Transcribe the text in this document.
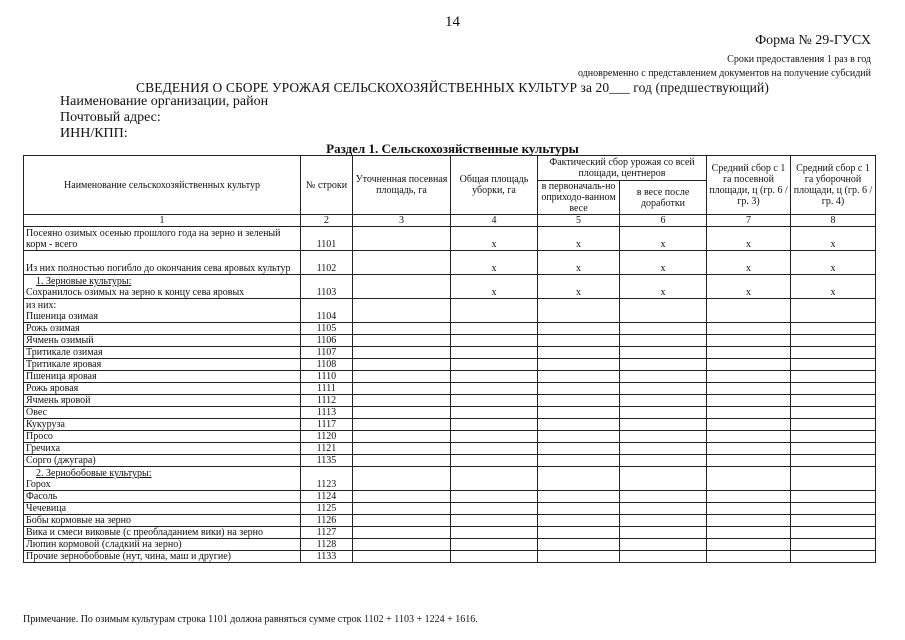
14
Форма № 29-ГУСХ
Сроки предоставления 1 раз в год
одновременно с представлением документов на получение субсидий
СВЕДЕНИЯ О СБОРЕ УРОЖАЯ СЕЛЬСКОХОЗЯЙСТВЕННЫХ КУЛЬТУР за 20___ год (предшествующий)
Наименование организации, район
Почтовый адрес:
ИНН/КПП:
Раздел 1. Сельскохозяйственные культуры
Наименование сельскохозяйственных культур	№ строки	Уточненная посевная площадь, га	Общая площадь уборки, га	Фактический сбор урожая со всей площади, центнеров		Средний сбор с 1 га посевной площади, ц (гр. 6 / гр. 3)	Средний сбор с 1 га уборочной площади, ц (гр. 6 / гр. 4)
				в первоначаль-но оприходо-ванном весе	в весе после доработки		
1	2	3	4	5	6	7	8

Посеяно озимых осенью прошлого года на зерно и зеленый корм - всего	1101		x	x	x	x	x

Из них полностью погибло до окончания сева яровых культур	1102		x	x	x	x	x

1. Зерновые культуры:
Сохранилось озимых на зерно к концу сева яровых	1103		x	x	x	x	x

из них:
Пшеница озимая	1104						

Рожь озимая	1105						

Ячмень озимый	1106						

Тритикале озимая	1107						

Тритикале яровая	1108						

Пшеница яровая	1110						

Рожь яровая	1111						

Ячмень яровой	1112						

Овес	1113						

Кукуруза	1117						

Просо	1120						

Гречиха	1121						

Сорго (джугара)	1135						

2. Зернобобовые культуры:
Горох	1123						

Фасоль	1124						

Чечевица	1125						

Бобы кормовые на зерно	1126						

Вика и смеси виковые (с преобладанием вики) на зерно	1127						

Люпин кормовой (сладкий на зерно)	1128						

Прочие зернобобовые (нут, чина, маш и другие)	1133						
Примечание. По озимым культурам строка 1101 должна равняться сумме строк 1102 + 1103 + 1224 + 1616.
